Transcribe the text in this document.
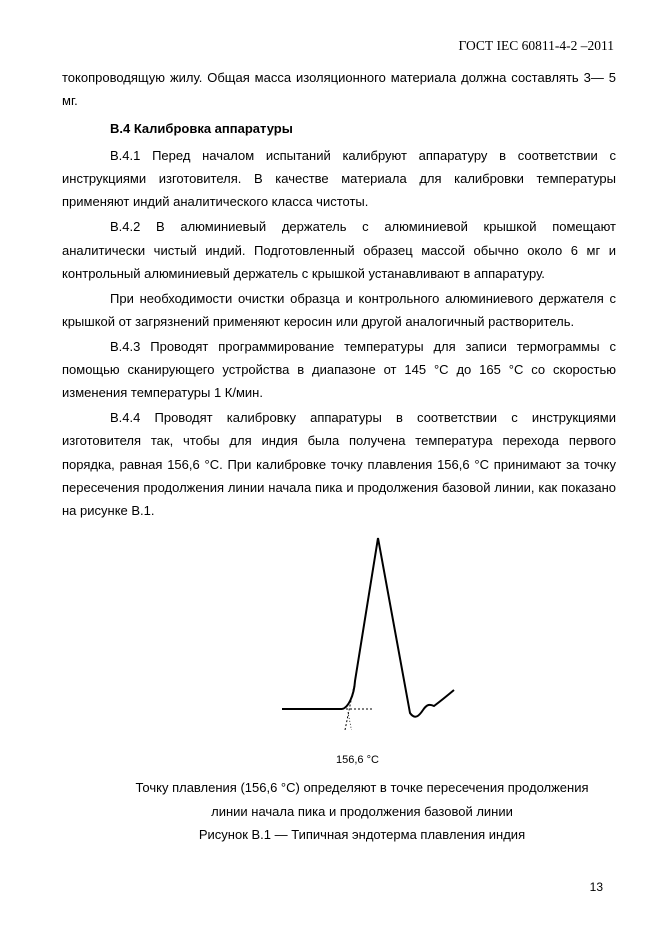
ГОСТ IEC 60811-4-2 –2011

токопроводящую жилу. Общая масса изоляционного материала должна составлять 3— 5 мг.

В.4 Калибровка аппаратуры

В.4.1 Перед началом испытаний калибруют аппаратуру в соответствии с инструкциями изготовителя. В качестве материала для калибровки температуры применяют индий аналитического класса чистоты.

В.4.2 В алюминиевый держатель с алюминиевой крышкой помещают аналитически чистый индий. Подготовленный образец массой обычно около 6 мг и контрольный алюминиевый держатель с крышкой устанавливают в аппаратуру.

При необходимости очистки образца и контрольного алюминиевого держателя с крышкой от загрязнений применяют керосин или другой аналогичный растворитель.

В.4.3 Проводят программирование температуры для записи термограммы с помощью сканирующего устройства в диапазоне от 145 °С до 165 °С со скоростью изменения температуры 1 К/мин.

В.4.4 Проводят калибровку аппаратуры в соответствии с инструкциями изготовителя так, чтобы для индия была получена температура перехода первого порядка, равная 156,6 °С. При калибровке точку плавления 156,6 °С принимают за точку пересечения продолжения линии начала пика и продолжения базовой линии, как показано на рисунке В.1.

156,6 °С
Точку плавления (156,6 °С) определяют в точке пересечения продолжения
линии начала пика и продолжения базовой линии
Рисунок В.1 — Типичная эндотерма плавления индия
13
